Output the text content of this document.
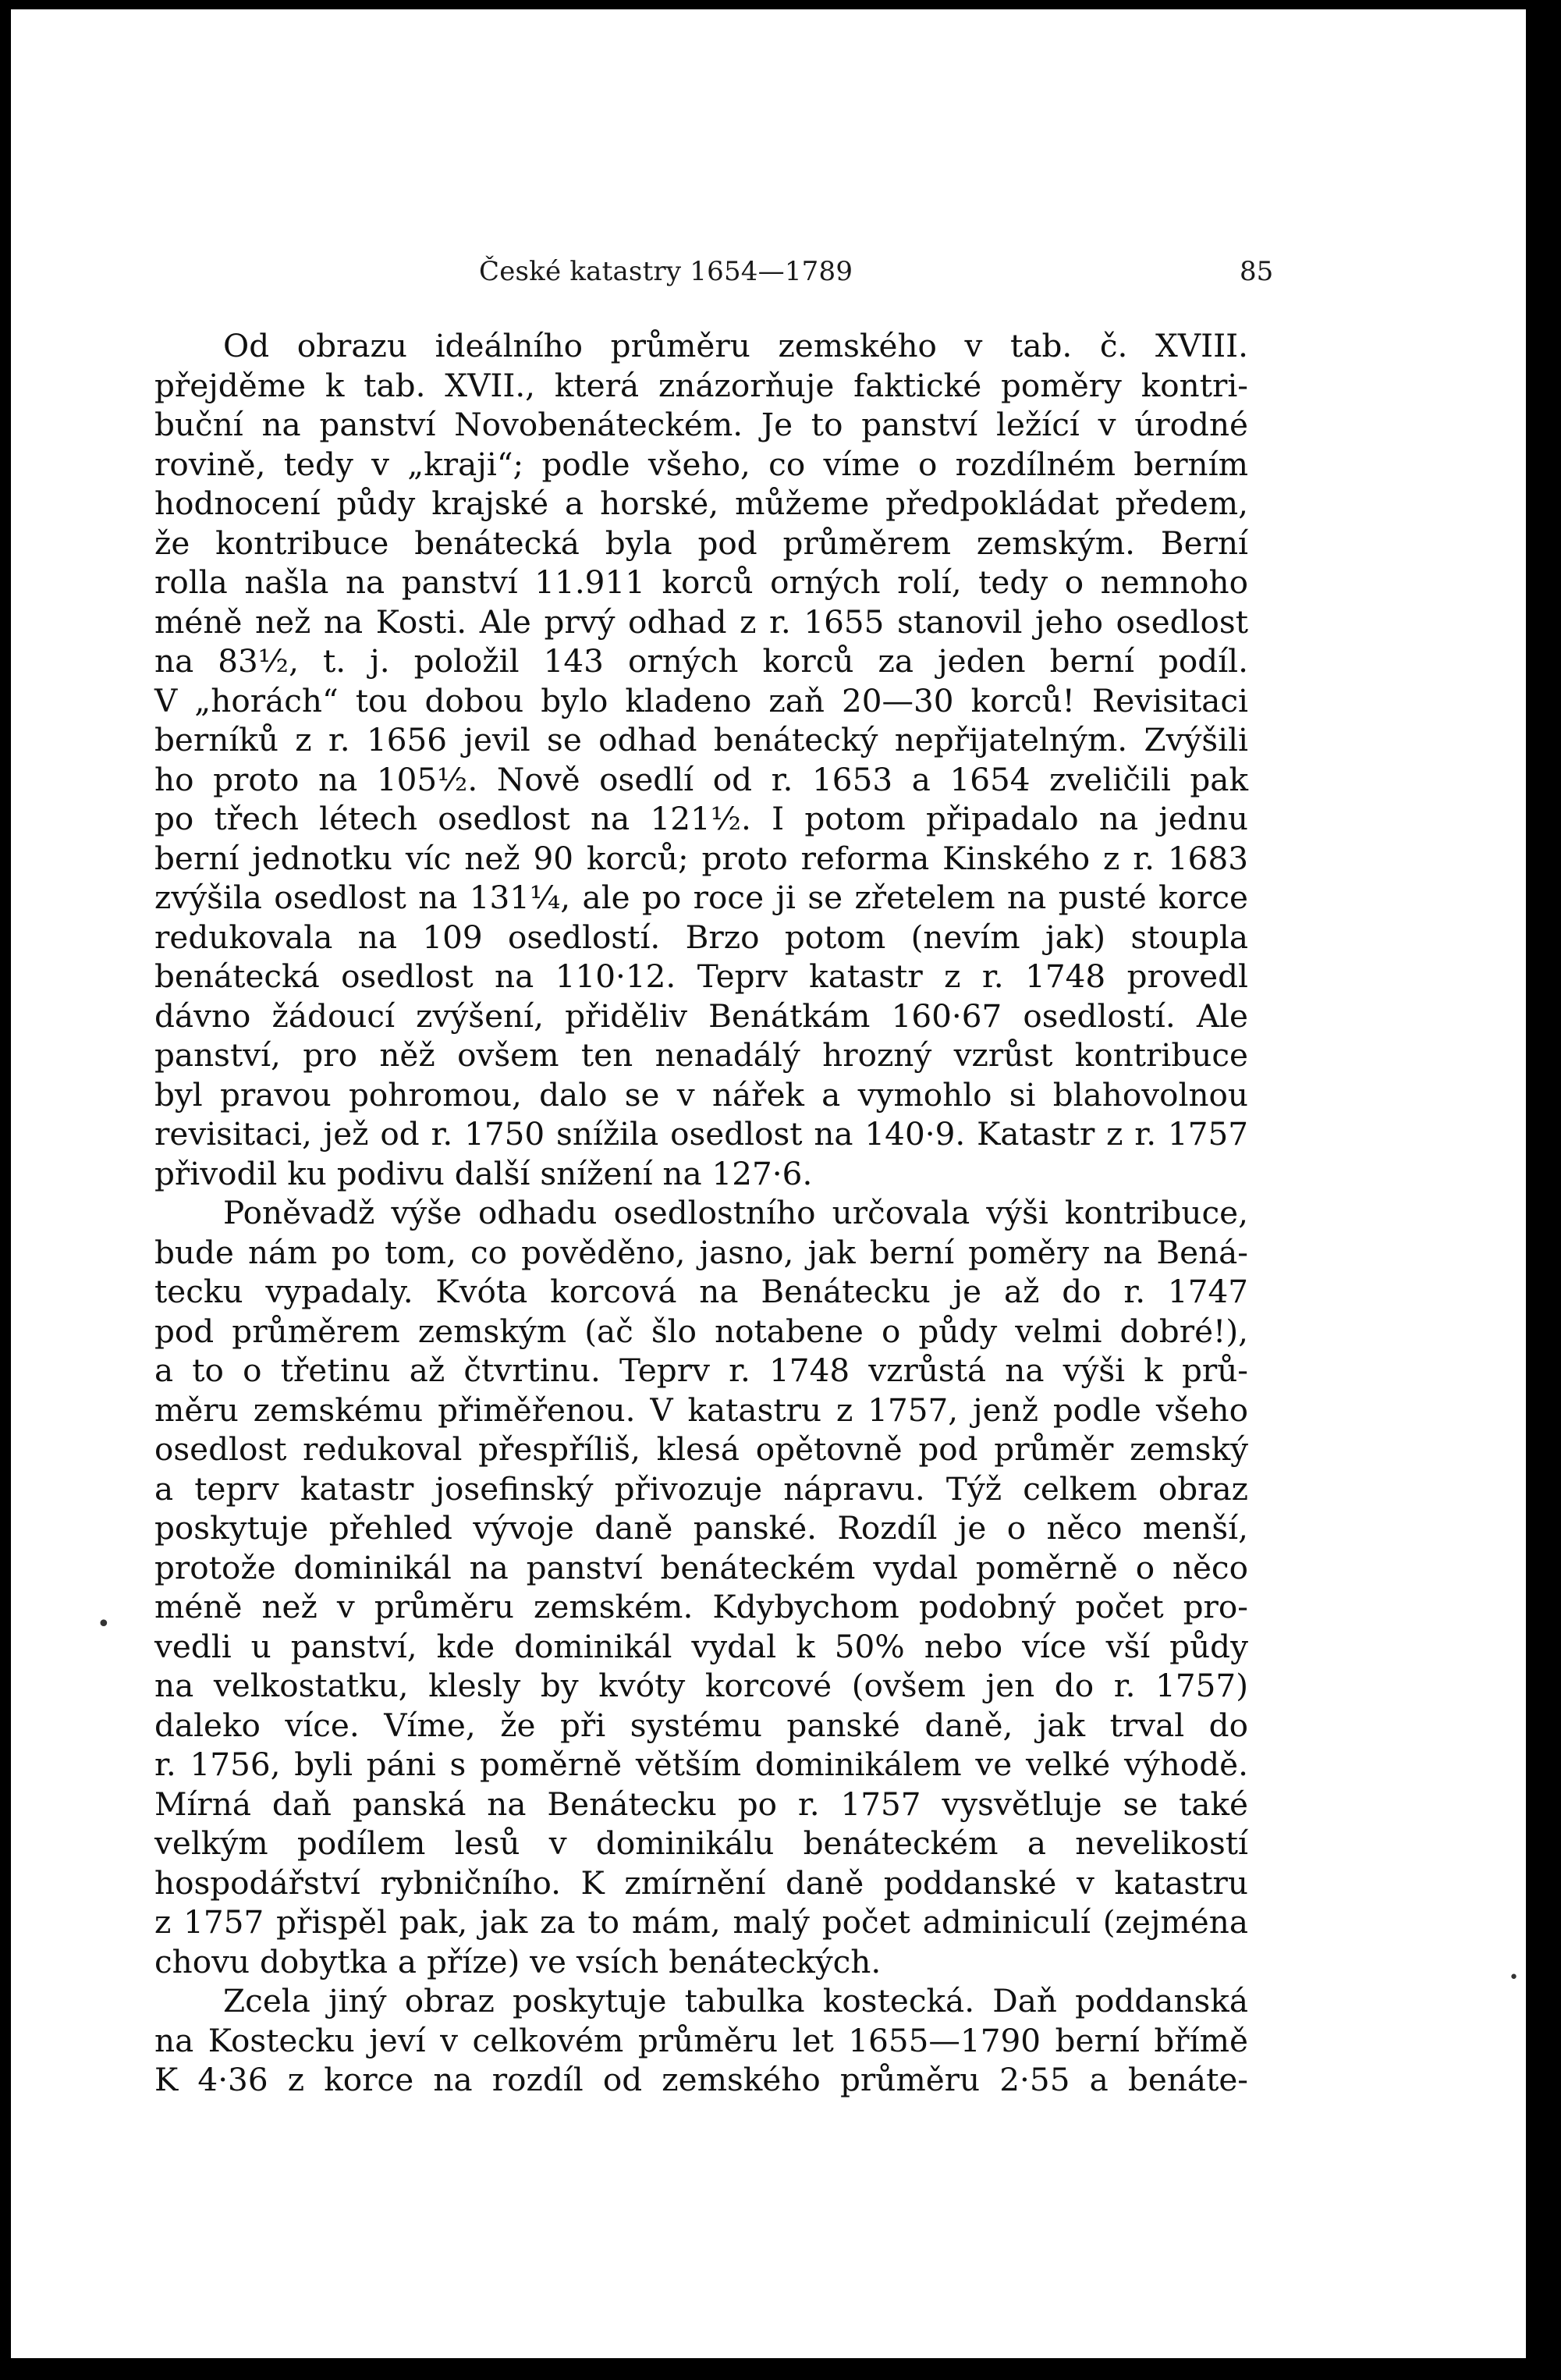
České katastry 1654—1789	85
Od obrazu ideálního průměru zemského v tab. č. XVIII.
přejděme k tab. XVII., která znázorňuje faktické poměry kontri-
buční na panství Novobenáteckém. Je to panství ležící v úrodné
rovině, tedy v „kraji“; podle všeho, co víme o rozdílném berním
hodnocení půdy krajské a horské, můžeme předpokládat předem,
že kontribuce benátecká byla pod průměrem zemským. Berní
rolla našla na panství 11.911 korců orných rolí, tedy o nemnoho
méně než na Kosti. Ale prvý odhad z r. 1655 stanovil jeho osedlost
na 83½, t. j. položil 143 orných korců za jeden berní podíl.
V „horách“ tou dobou bylo kladeno zaň 20—30 korců! Revisitaci
berníků z r. 1656 jevil se odhad benátecký nepřijatelným. Zvýšili
ho proto na 105½. Nově osedlí od r. 1653 a 1654 zveličili pak
po třech létech osedlost na 121½. I potom připadalo na jednu
berní jednotku víc než 90 korců; proto reforma Kinského z r. 1683
zvýšila osedlost na 131¼, ale po roce ji se zřetelem na pusté korce
redukovala na 109 osedlostí. Brzo potom (nevím jak) stoupla
benátecká osedlost na 110·12. Teprv katastr z r. 1748 provedl
dávno žádoucí zvýšení, přiděliv Benátkám 160·67 osedlostí. Ale
panství, pro něž ovšem ten nenadálý hrozný vzrůst kontribuce
byl pravou pohromou, dalo se v nářek a vymohlo si blahovolnou
revisitaci, jež od r. 1750 snížila osedlost na 140·9. Katastr z r. 1757
přivodil ku podivu další snížení na 127·6.
Poněvadž výše odhadu osedlostního určovala výši kontribuce,
bude nám po tom, co pověděno, jasno, jak berní poměry na Bená-
tecku vypadaly. Kvóta korcová na Benátecku je až do r. 1747
pod průměrem zemským (ač šlo notabene o půdy velmi dobré!),
a to o třetinu až čtvrtinu. Teprv r. 1748 vzrůstá na výši k prů-
měru zemskému přiměřenou. V katastru z 1757, jenž podle všeho
osedlost redukoval přespříliš, klesá opětovně pod průměr zemský
a teprv katastr josefinský přivozuje nápravu. Týž celkem obraz
poskytuje přehled vývoje daně panské. Rozdíl je o něco menší,
protože dominikál na panství benáteckém vydal poměrně o něco
méně než v průměru zemském. Kdybychom podobný počet pro-
vedli u panství, kde dominikál vydal k 50% nebo více vší půdy
na velkostatku, klesly by kvóty korcové (ovšem jen do r. 1757)
daleko více. Víme, že při systému panské daně, jak trval do
r. 1756, byli páni s poměrně větším dominikálem ve velké výhodě.
Mírná daň panská na Benátecku po r. 1757 vysvětluje se také
velkým podílem lesů v dominikálu benáteckém a nevelikostí
hospodářství rybničního. K zmírnění daně poddanské v katastru
z 1757 přispěl pak, jak za to mám, malý počet adminiculí (zejména
chovu dobytka a příze) ve vsích benáteckých.
Zcela jiný obraz poskytuje tabulka kostecká. Daň poddanská
na Kostecku jeví v celkovém průměru let 1655—1790 berní břímě
K 4·36 z korce na rozdíl od zemského průměru 2·55 a benáte-
•
•
